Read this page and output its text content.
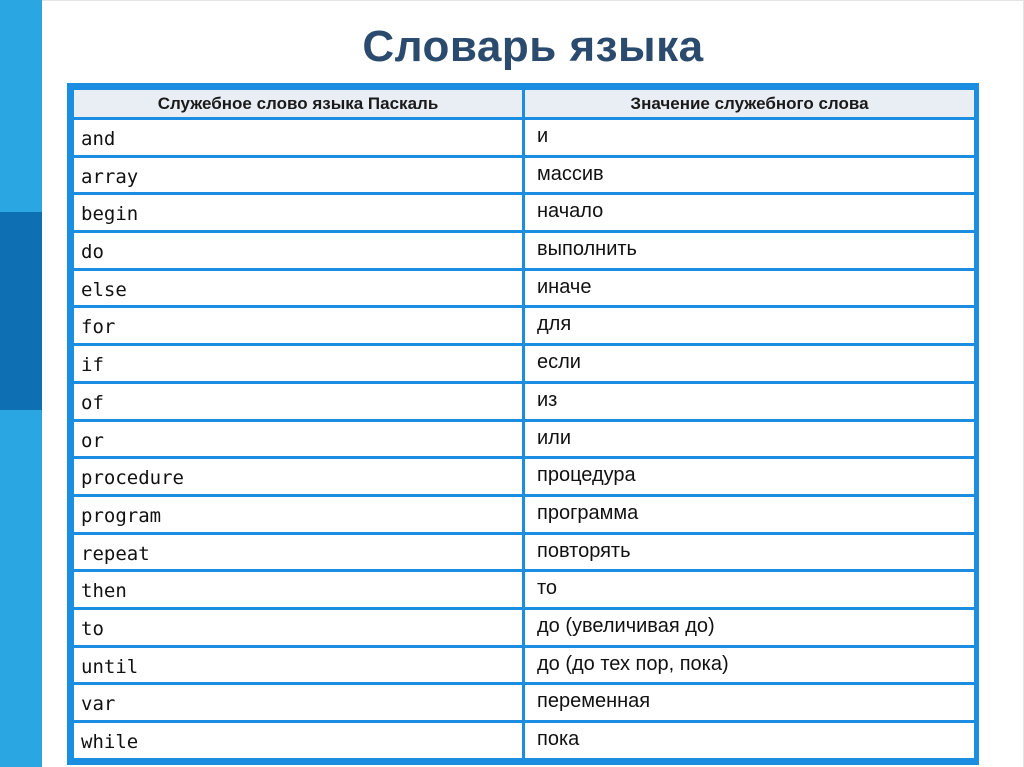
Словарь языка
Служебное слово языка Паскаль	Значение служебного слова
and	и
array	массив
begin	начало
do	выполнить
else	иначе
for	для
if	если
of	из
or	или
procedure	процедура
program	программа
repeat	повторять
then	то
to	до (увеличивая до)
until	до (до тех пор, пока)
var	переменная
while	пока
